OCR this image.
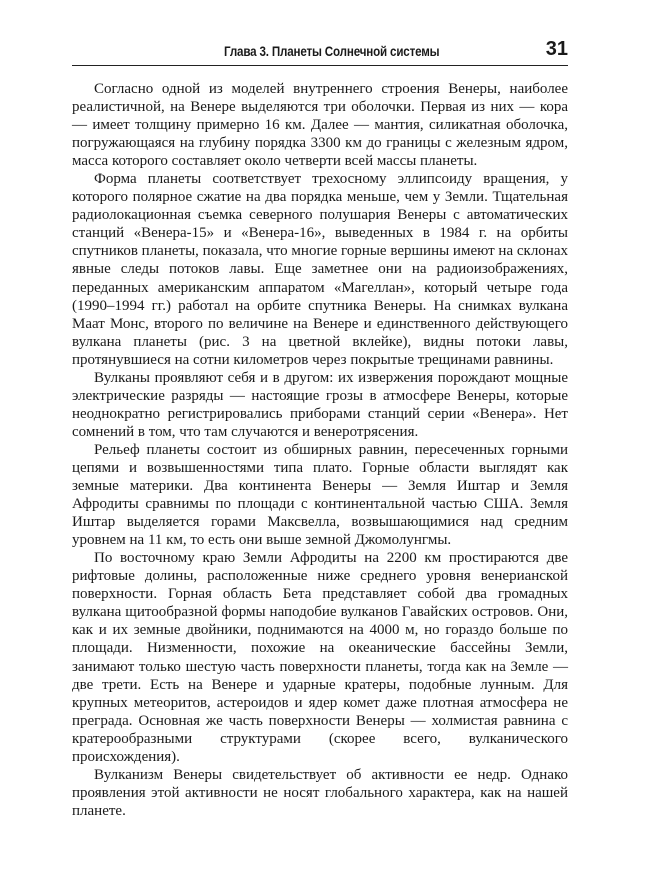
Глава 3. Планеты Солнечной системы	31

Согласно одной из моделей внутреннего строения Венеры, наиболее реалистичной, на Венере выделяются три оболочки. Первая из них — кора — имеет толщину примерно 16 км. Далее — мантия, силикатная оболочка, погружающаяся на глубину порядка 3300 км до границы с железным ядром, масса которого составляет около четверти всей массы планеты.

Форма планеты соответствует трехосному эллипсоиду вращения, у которого полярное сжатие на два порядка меньше, чем у Земли. Тщательная радиолокационная съемка северного полушария Венеры с автоматических станций «Венера-15» и «Венера-16», выведенных в 1984 г. на орбиты спутников планеты, показала, что многие горные вершины имеют на склонах явные следы потоков лавы. Еще заметнее они на радиоизображениях, переданных американским аппаратом «Магеллан», который четыре года (1990–1994 гг.) работал на орбите спутника Венеры. На снимках вулкана Маат Монс, второго по величине на Венере и единственного действующего вулкана планеты (рис. 3 на цветной вклейке), видны потоки лавы, протянувшиеся на сотни километров через покрытые трещинами равнины.

Вулканы проявляют себя и в другом: их извержения порождают мощные электрические разряды — настоящие грозы в атмосфере Венеры, которые неоднократно регистрировались приборами станций серии «Венера». Нет сомнений в том, что там случаются и венеротрясения.

Рельеф планеты состоит из обширных равнин, пересеченных горными цепями и возвышенностями типа плато. Горные области выглядят как земные материки. Два континента Венеры — Земля Иштар и Земля Афродиты сравнимы по площади с континентальной частью США. Земля Иштар выделяется горами Максвелла, возвышающимися над средним уровнем на 11 км, то есть они выше земной Джомолунгмы.

По восточному краю Земли Афродиты на 2200 км простираются две рифтовые долины, расположенные ниже среднего уровня венерианской поверхности. Горная область Бета представляет собой два громадных вулкана щитообразной формы наподобие вулканов Гавайских островов. Они, как и их земные двойники, поднимаются на 4000 м, но гораздо больше по площади. Низменности, похожие на океанические бассейны Земли, занимают только шестую часть поверхности планеты, тогда как на Земле — две трети. Есть на Венере и ударные кратеры, подобные лунным. Для крупных метеоритов, астероидов и ядер комет даже плотная атмосфера не преграда. Основная же часть поверхности Венеры — холмистая равнина с кратерообразными структурами (скорее всего, вулканического происхождения).

Вулканизм Венеры свидетельствует об активности ее недр. Однако проявления этой активности не носят глобального характера, как на нашей планете.
